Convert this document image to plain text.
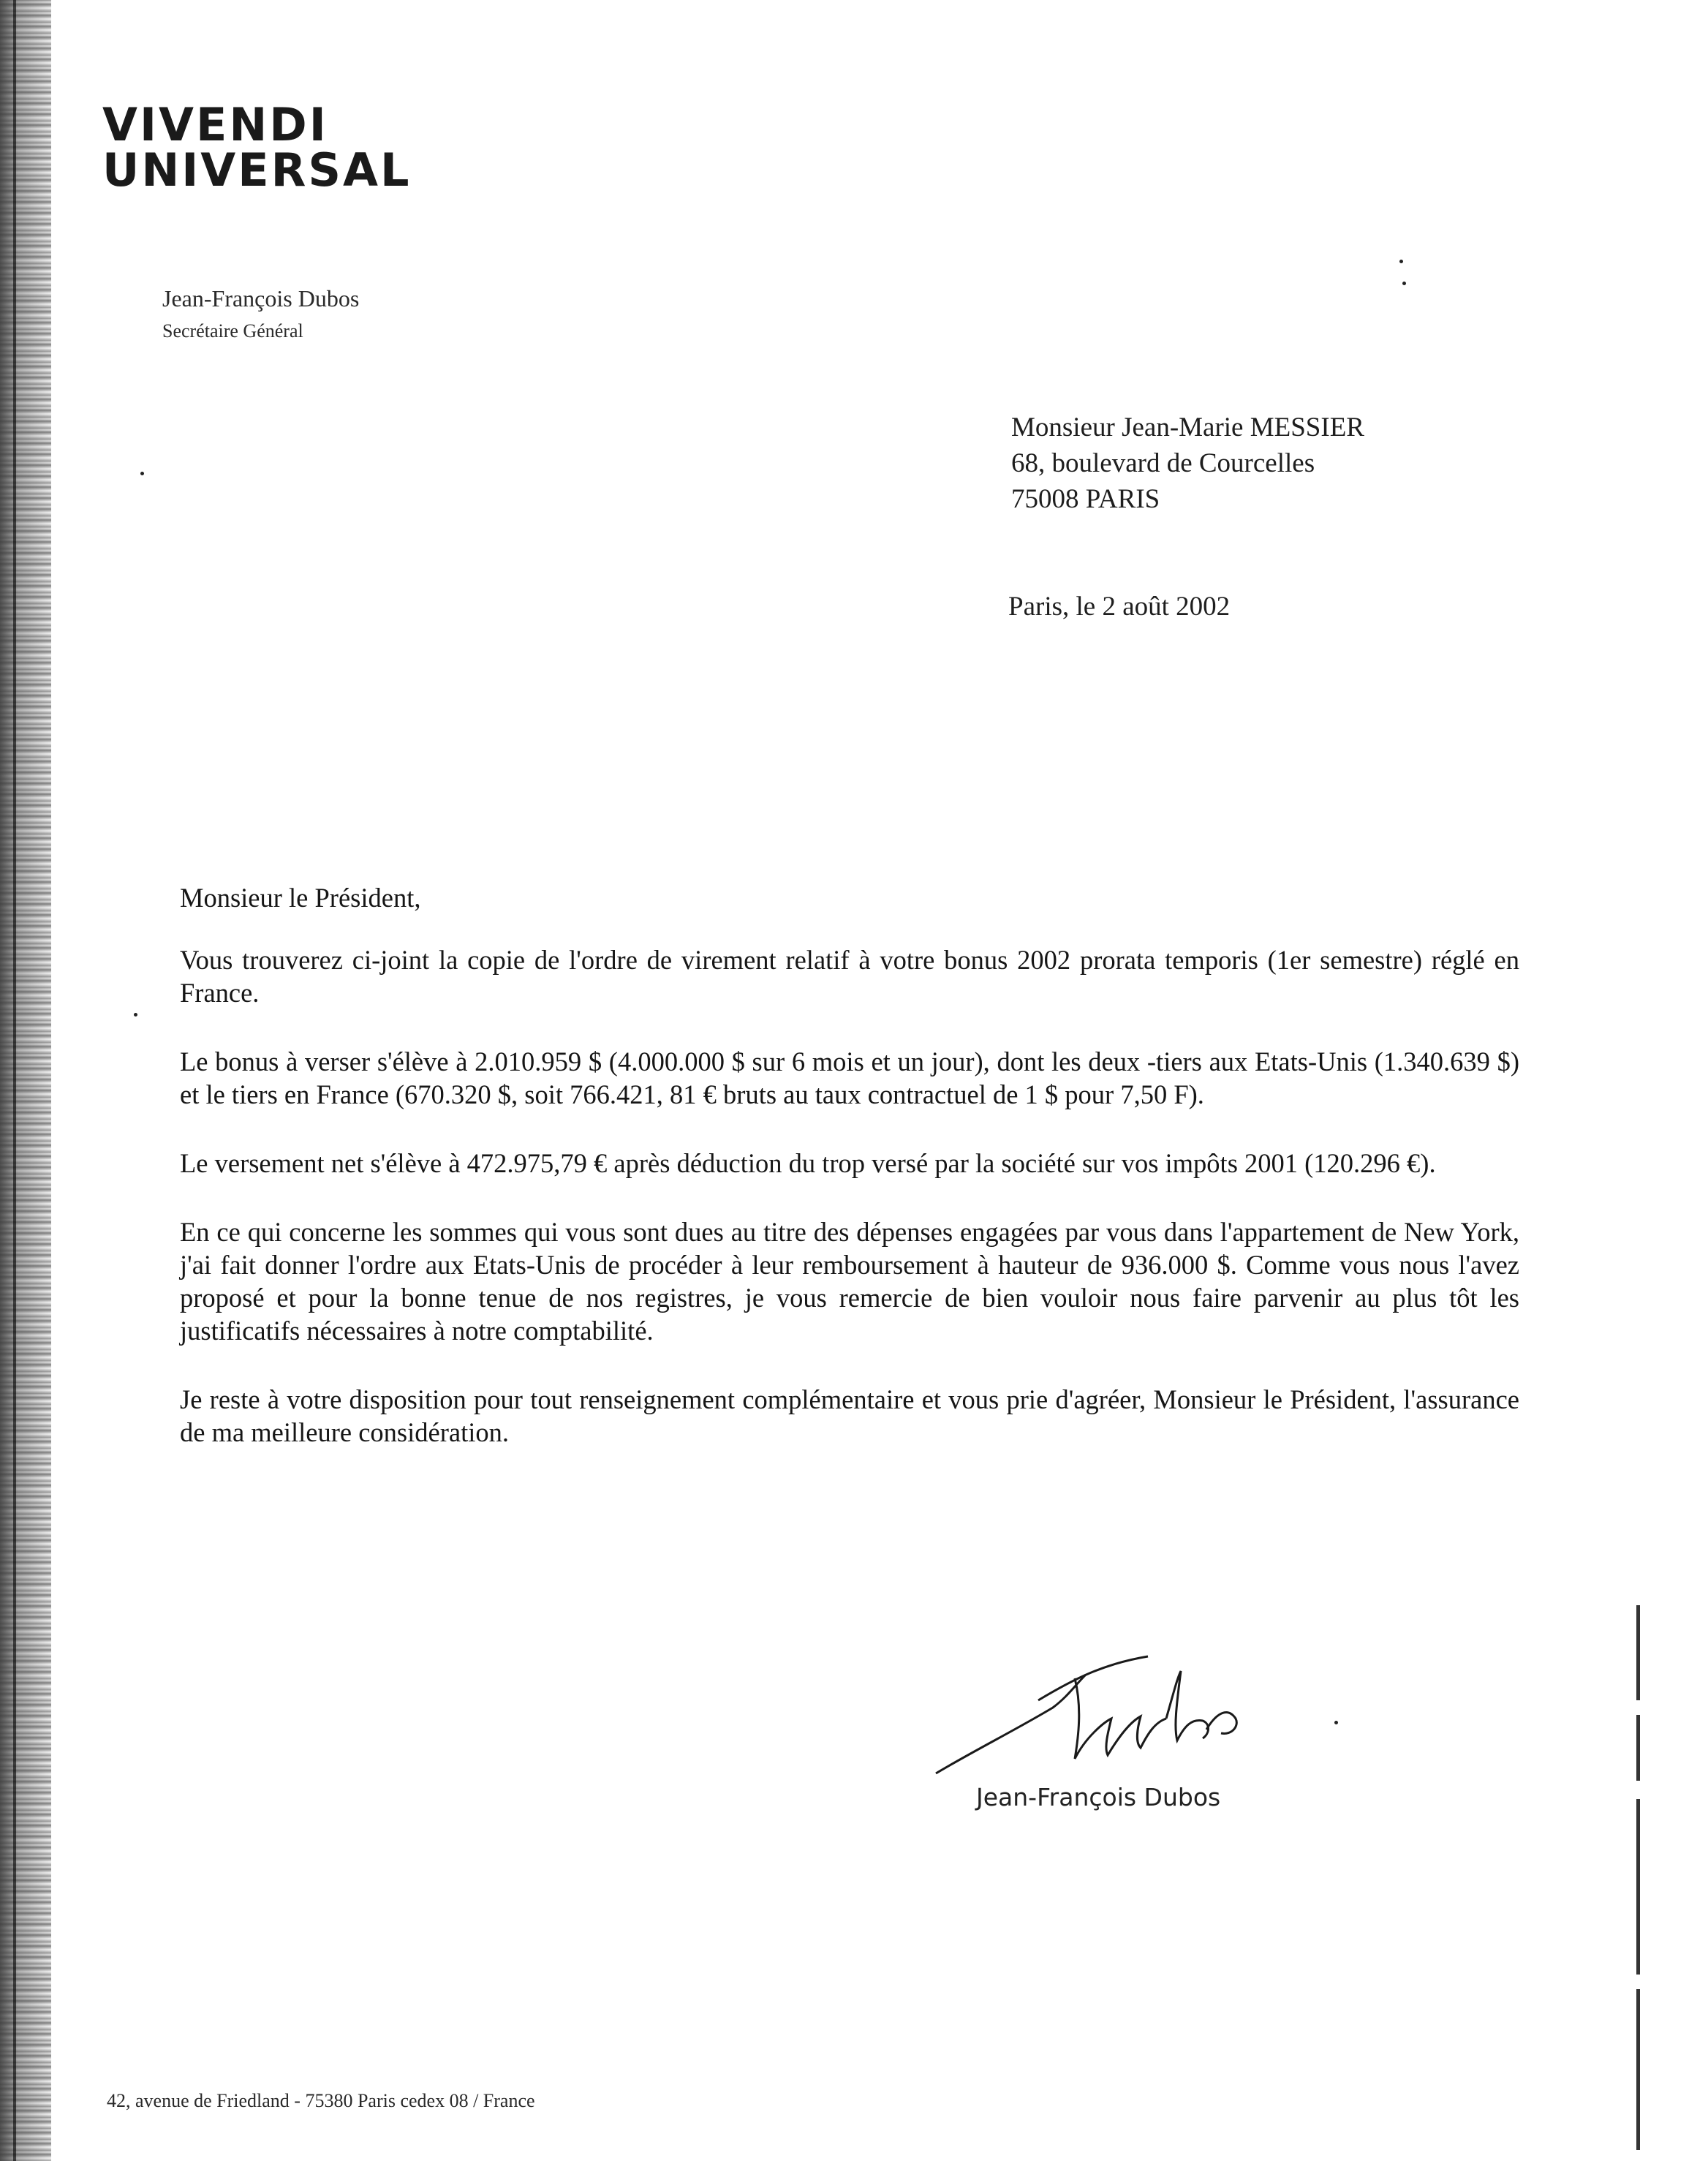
VIVENDI
UNIVERSAL
Jean-François Dubos
Secrétaire Général
Monsieur Jean-Marie MESSIER
68, boulevard de Courcelles
75008 PARIS
Paris, le 2 août 2002

Monsieur le Président,

Vous trouverez ci-joint la copie de l'ordre de virement relatif à votre bonus 2002 prorata temporis (1er semestre) réglé en France.

Le bonus à verser s'élève à 2.010.959 $ (4.000.000 $ sur 6 mois et un jour), dont les deux -tiers aux Etats-Unis (1.340.639 $) et le tiers en France (670.320 $, soit 766.421, 81 € bruts au taux contractuel de 1 $ pour 7,50 F).

Le versement net s'élève à 472.975,79 € après déduction du trop versé par la société sur vos impôts 2001 (120.296 €).

En ce qui concerne les sommes qui vous sont dues au titre des dépenses engagées par vous dans l'appartement de New York, j'ai fait donner l'ordre aux Etats-Unis de procéder à leur remboursement à hauteur de 936.000 $. Comme vous nous l'avez proposé et pour la bonne tenue de nos registres, je vous remercie de bien vouloir nous faire parvenir au plus tôt les justificatifs nécessaires à notre comptabilité.

Je reste à votre disposition pour tout renseignement complémentaire et vous prie d'agréer, Monsieur le Président, l'assurance de ma meilleure considération.

Jean-François Dubos
42, avenue de Friedland - 75380 Paris cedex 08 / France
